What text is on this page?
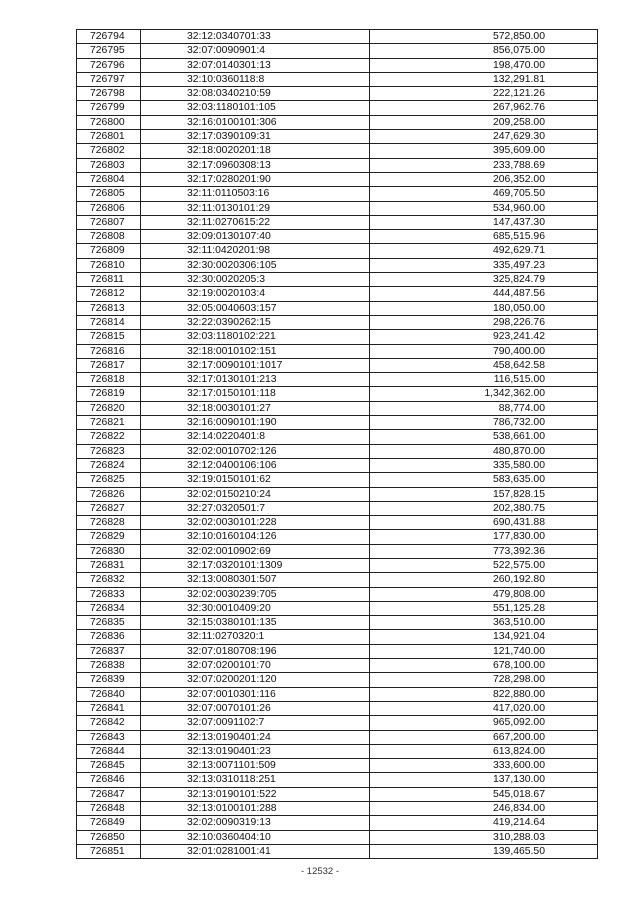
726794	32:12:0340701:33	572,850.00
726795	32:07:0090901:4	856,075.00
726796	32:07:0140301:13	198,470.00
726797	32:10:0360118:8	132,291.81
726798	32:08:0340210:59	222,121.26
726799	32:03:1180101:105	267,962.76
726800	32:16:0100101:306	209,258.00
726801	32:17:0390109:31	247,629.30
726802	32:18:0020201:18	395,609.00
726803	32:17:0960308:13	233,788.69
726804	32:17:0280201:90	206,352.00
726805	32:11:0110503:16	469,705.50
726806	32:11:0130101:29	534,960.00
726807	32:11:0270615:22	147,437.30
726808	32:09:0130107:40	685,515.96
726809	32:11:0420201:98	492,629.71
726810	32:30:0020306:105	335,497.23
726811	32:30:0020205:3	325,824.79
726812	32:19:0020103:4	444,487.56
726813	32:05:0040603:157	180,050.00
726814	32:22:0390262:15	298,226.76
726815	32:03:1180102:221	923,241.42
726816	32:18:0010102:151	790,400.00
726817	32:17:0090101:1017	458,642.58
726818	32:17:0130101:213	116,515.00
726819	32:17:0150101:118	1,342,362.00
726820	32:18:0030101:27	88,774.00
726821	32:16:0090101:190	786,732.00
726822	32:14:0220401:8	538,661.00
726823	32:02:0010702:126	480,870.00
726824	32:12:0400106:106	335,580.00
726825	32:19:0150101:62	583,635.00
726826	32:02:0150210:24	157,828.15
726827	32:27:0320501:7	202,380.75
726828	32:02:0030101:228	690,431.88
726829	32:10:0160104:126	177,830.00
726830	32:02:0010902:69	773,392.36
726831	32:17:0320101:1309	522,575.00
726832	32:13:0080301:507	260,192.80
726833	32:02:0030239:705	479,808.00
726834	32:30:0010409:20	551,125.28
726835	32:15:0380101:135	363,510.00
726836	32:11:0270320:1	134,921.04
726837	32:07:0180708:196	121,740.00
726838	32:07:0200101:70	678,100.00
726839	32:07:0200201:120	728,298.00
726840	32:07:0010301:116	822,880.00
726841	32:07:0070101:26	417,020.00
726842	32:07:0091102:7	965,092.00
726843	32:13:0190401:24	667,200.00
726844	32:13:0190401:23	613,824.00
726845	32:13:0071101:509	333,600.00
726846	32:13:0310118:251	137,130.00
726847	32:13:0190101:522	545,018.67
726848	32:13:0100101:288	246,834.00
726849	32:02:0090319:13	419,214.64
726850	32:10:0360404:10	310,288.03
726851	32:01:0281001:41	139,465.50
- 12532 -
